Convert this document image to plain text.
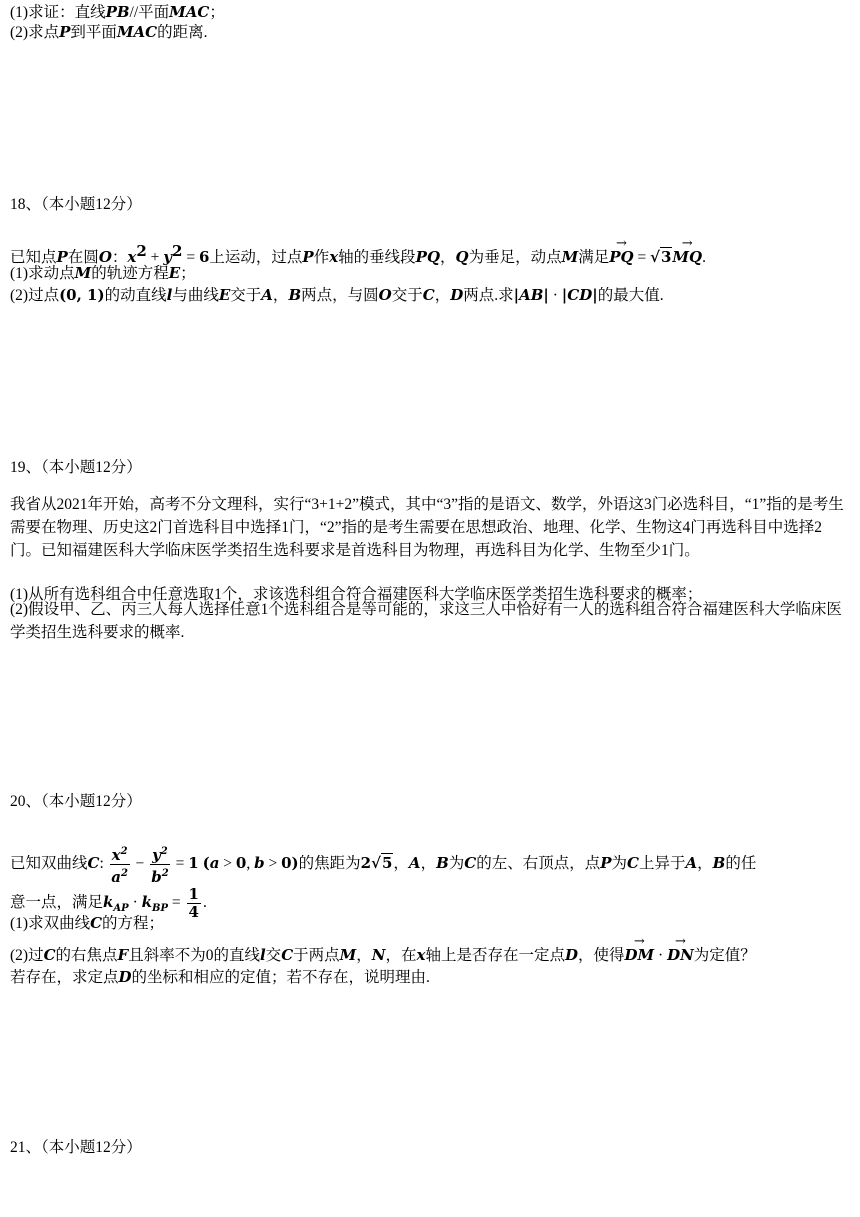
(1)求证：直线PB//平面MAC；
(2)求点P到平面MAC的距离.
18、（本小题12分）
已知点P在圆O：$x^2 + y^2 = 6$上运动，过点P作x轴的垂线段PQ，Q为垂足，动点M满足→ PQ = √3→ MQ.
(1)求动点M的轨迹方程E；
(2)过点(0, 1)的动直线l与曲线E交于A，B两点，与圆O交于C，D两点.求|AB| · |CD|的最大值.
19、（本小题12分）
我省从2021年开始，高考不分文理科，实行“3+1+2”模式，其中“3”指的是语文、数学，外语这3门必选科目，“1”指的是考生需要在物理、历史这2门首选科目中选择1门，“2”指的是考生需要在思想政治、地理、化学、生物这4门再选科目中选择2门。已知福建医科大学临床医学类招生选科要求是首选科目为物理，再选科目为化学、生物至少1门。
(1)从所有选科组合中任意选取1个，求该选科组合符合福建医科大学临床医学类招生选科要求的概率；
(2)假设甲、乙、丙三人每人选择任意1个选科组合是等可能的，求这三人中恰好有一人的选科组合符合福建医科大学临床医学类招生选科要求的概率.
20、（本小题12分）
已知双曲线C: $\frac{x^2}{a^2} - \frac{y^2}{b^2} = 1$ (a > 0, b > 0)的焦距为2√5，A，B为C的左、右顶点，点P为C上异于A，B的任
意一点，满足$k_{AP} \cdot k_{BP} = \frac{1}{4}$ .
(1)求双曲线C的方程；
(2)过C的右焦点F且斜率不为0的直线l交C于两点M，N，在x轴上是否存在一定点D，使得→ DM · → DN为定值？
若存在，求定点D的坐标和相应的定值；若不存在，说明理由.
21、（本小题12分）
